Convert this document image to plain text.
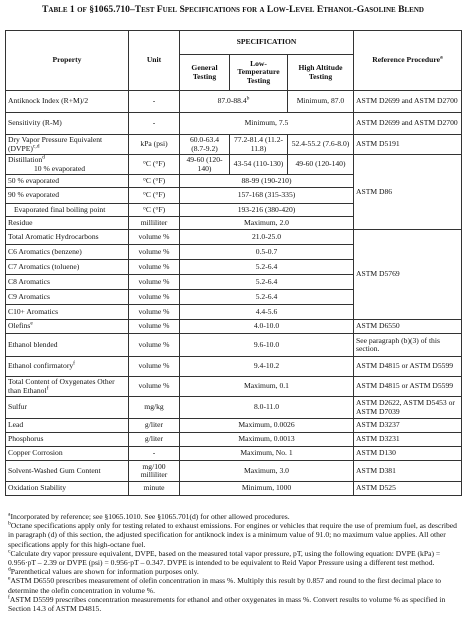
Table 1 of §1065.710–Test Fuel Specifications for a Low-Level Ethanol-Gasoline Blend
Property	Unit	SPECIFICATION			Reference Procedure$^a$
		General Testing	Low-Temperature Testing	High Altitude Testing	
Antiknock Index (R+M)/2	-	87.0-88.4$^b$		Minimum, 87.0	ASTM D2699 and ASTM D2700
Sensitivity (R-M)	-	Minimum, 7.5			ASTM D2699 and ASTM D2700
Dry Vapor Pressure Equivalent (DVPE)$^{c,d}$	kPa (psi)	60.0-63.4 (8.7-9.2)	77.2-81.4 (11.2-11.8)	52.4-55.2 (7.6-8.0)	ASTM D5191
Distillation$^d$
10 % evaporated	°C (°F)	49-60 (120-140)	43-54 (110-130)	49-60 (120-140)	ASTM D86
50 % evaporated	°C (°F)	88-99 (190-210)			
90 % evaporated	°C (°F)	157-168 (315-335)			
Evaporated final boiling point	°C (°F)	193-216 (380-420)			
Residue	milliliter	Maximum, 2.0			
Total Aromatic Hydrocarbons	volume %	21.0-25.0			ASTM D5769
C6 Aromatics (benzene)	volume %	0.5-0.7			
C7 Aromatics (toluene)	volume %	5.2-6.4			
C8 Aromatics	volume %	5.2-6.4			
C9 Aromatics	volume %	5.2-6.4			
C10+ Aromatics	volume %	4.4-5.6			
Olefins$^e$	volume %	4.0-10.0			ASTM D6550
Ethanol blended	volume %	9.6-10.0			See paragraph (b)(3) of this section.
Ethanol confirmatory$^f$	volume %	9.4-10.2			ASTM D4815 or ASTM D5599
Total Content of Oxygenates Other than Ethanol$^f$	volume %	Maximum, 0.1			ASTM D4815 or ASTM D5599
Sulfur	mg/kg	8.0-11.0			ASTM D2622, ASTM D5453 or ASTM D7039
Lead	g/liter	Maximum, 0.0026			ASTM D3237
Phosphorus	g/liter	Maximum, 0.0013			ASTM D3231
Copper Corrosion	-	Maximum, No. 1			ASTM D130
Solvent-Washed Gum Content	mg/100 milliliter	Maximum, 3.0			ASTM D381
Oxidation Stability	minute	Minimum, 1000			ASTM D525

$^a$Incorporated by reference; see §1065.1010. See §1065.701(d) for other allowed procedures.

$^b$Octane specifications apply only for testing related to exhaust emissions. For engines or vehicles that require the use of premium fuel, as described in paragraph (d) of this section, the adjusted specification for antiknock index is a minimum value of 91.0; no maximum value applies. All other specifications apply for this high-octane fuel.

$^c$Calculate dry vapor pressure equivalent, DVPE, based on the measured total vapor pressure, pT, using the following equation: DVPE (kPa) = 0.956·pT – 2.39 or DVPE (psi) = 0.956·pT – 0.347. DVPE is intended to be equivalent to Reid Vapor Pressure using a different test method.

$^d$Parenthetical values are shown for information purposes only.

$^e$ASTM D6550 prescribes measurement of olefin concentration in mass %. Multiply this result by 0.857 and round to the first decimal place to determine the olefin concentration in volume %.

$^f$ASTM D5599 prescribes concentration measurements for ethanol and other oxygenates in mass %. Convert results to volume % as specified in Section 14.3 of ASTM D4815.
